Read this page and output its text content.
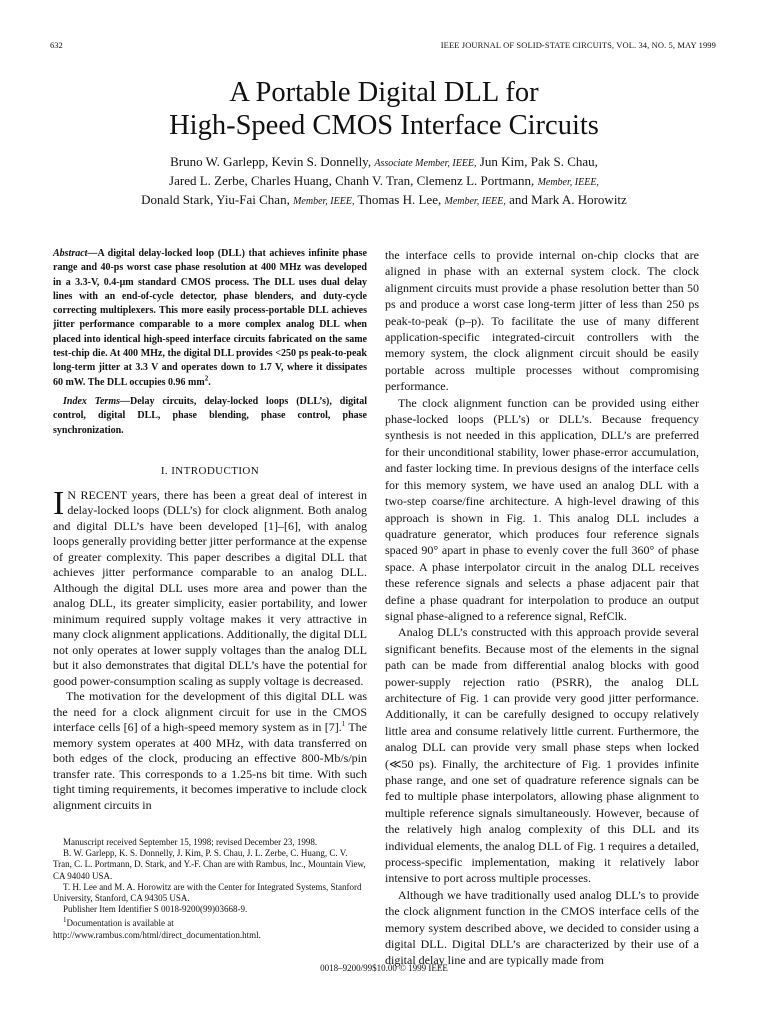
632	IEEE JOURNAL OF SOLID-STATE CIRCUITS, VOL. 34, NO. 5, MAY 1999
A Portable Digital DLL for
High-Speed CMOS Interface Circuits
Bruno W. Garlepp, Kevin S. Donnelly, Associate Member, IEEE, Jun Kim, Pak S. Chau,
Jared L. Zerbe, Charles Huang, Chanh V. Tran, Clemenz L. Portmann, Member, IEEE,
Donald Stark, Yiu-Fai Chan, Member, IEEE, Thomas H. Lee, Member, IEEE, and Mark A. Horowitz

Abstract—A digital delay-locked loop (DLL) that achieves infinite phase range and 40-ps worst case phase resolution at 400 MHz was developed in a 3.3-V, 0.4-μm standard CMOS process. The DLL uses dual delay lines with an end-of-cycle detector, phase blenders, and duty-cycle correcting multiplexers. This more easily process-portable DLL achieves jitter performance comparable to a more complex analog DLL when placed into identical high-speed interface circuits fabricated on the same test-chip die. At 400 MHz, the digital DLL provides <250 ps peak-to-peak long-term jitter at 3.3 V and operates down to 1.7 V, where it dissipates 60 mW. The DLL occupies 0.96 $mm^2$.

Index Terms—Delay circuits, delay-locked loops (DLL’s), digital control, digital DLL, phase blending, phase control, phase synchronization.

I. INTRODUCTION

I N RECENT years, there has been a great deal of interest in delay-locked loops (DLL’s) for clock alignment. Both analog and digital DLL’s have been developed [1]–[6], with analog loops generally providing better jitter performance at the expense of greater complexity. This paper describes a digital DLL that achieves jitter performance comparable to an analog DLL. Although the digital DLL uses more area and power than the analog DLL, its greater simplicity, easier portability, and lower minimum required supply voltage makes it very attractive in many clock alignment applications. Additionally, the digital DLL not only operates at lower supply voltages than the analog DLL but it also demonstrates that digital DLL’s have the potential for good power-consumption scaling as supply voltage is decreased.

The motivation for the development of this digital DLL was the need for a clock alignment circuit for use in the CMOS interface cells [6] of a high-speed memory system as in [7].$^1$ The memory system operates at 400 MHz, with data transferred on both edges of the clock, producing an effective 800-Mb/s/pin transfer rate. This corresponds to a 1.25-ns bit time. With such tight timing requirements, it becomes imperative to include clock alignment circuits in

Manuscript received September 15, 1998; revised December 23, 1998.

B. W. Garlepp, K. S. Donnelly, J. Kim, P. S. Chau, J. L. Zerbe, C. Huang, C. V. Tran, C. L. Portmann, D. Stark, and Y.-F. Chan are with Rambus, Inc., Mountain View, CA 94040 USA.

T. H. Lee and M. A. Horowitz are with the Center for Integrated Systems, Stanford University, Stanford, CA 94305 USA.

Publisher Item Identifier S 0018-9200(99)03668-9.

$^1$Documentation is available at http://www.rambus.com/html/direct_documentation.html.

the interface cells to provide internal on-chip clocks that are aligned in phase with an external system clock. The clock alignment circuits must provide a phase resolution better than 50 ps and produce a worst case long-term jitter of less than 250 ps peak-to-peak (p–p). To facilitate the use of many different application-specific integrated-circuit controllers with the memory system, the clock alignment circuit should be easily portable across multiple processes without compromising performance.

The clock alignment function can be provided using either phase-locked loops (PLL’s) or DLL’s. Because frequency synthesis is not needed in this application, DLL’s are preferred for their unconditional stability, lower phase-error accumulation, and faster locking time. In previous designs of the interface cells for this memory system, we have used an analog DLL with a two-step coarse/fine architecture. A high-level drawing of this approach is shown in Fig. 1. This analog DLL includes a quadrature generator, which produces four reference signals spaced 90° apart in phase to evenly cover the full 360° of phase space. A phase interpolator circuit in the analog DLL receives these reference signals and selects a phase adjacent pair that define a phase quadrant for interpolation to produce an output signal phase-aligned to a reference signal, RefClk.

Analog DLL’s constructed with this approach provide several significant benefits. Because most of the elements in the signal path can be made from differential analog blocks with good power-supply rejection ratio (PSRR), the analog DLL architecture of Fig. 1 can provide very good jitter performance. Additionally, it can be carefully designed to occupy relatively little area and consume relatively little current. Furthermore, the analog DLL can provide very small phase steps when locked (≪50 ps). Finally, the architecture of Fig. 1 provides infinite phase range, and one set of quadrature reference signals can be fed to multiple phase interpolators, allowing phase alignment to multiple reference signals simultaneously. However, because of the relatively high analog complexity of this DLL and its individual elements, the analog DLL of Fig. 1 requires a detailed, process-specific implementation, making it relatively labor intensive to port across multiple processes.

Although we have traditionally used analog DLL’s to provide the clock alignment function in the CMOS interface cells of the memory system described above, we decided to consider using a digital DLL. Digital DLL’s are characterized by their use of a digital delay line and are typically made from

0018–9200/99$10.00 © 1999 IEEE
